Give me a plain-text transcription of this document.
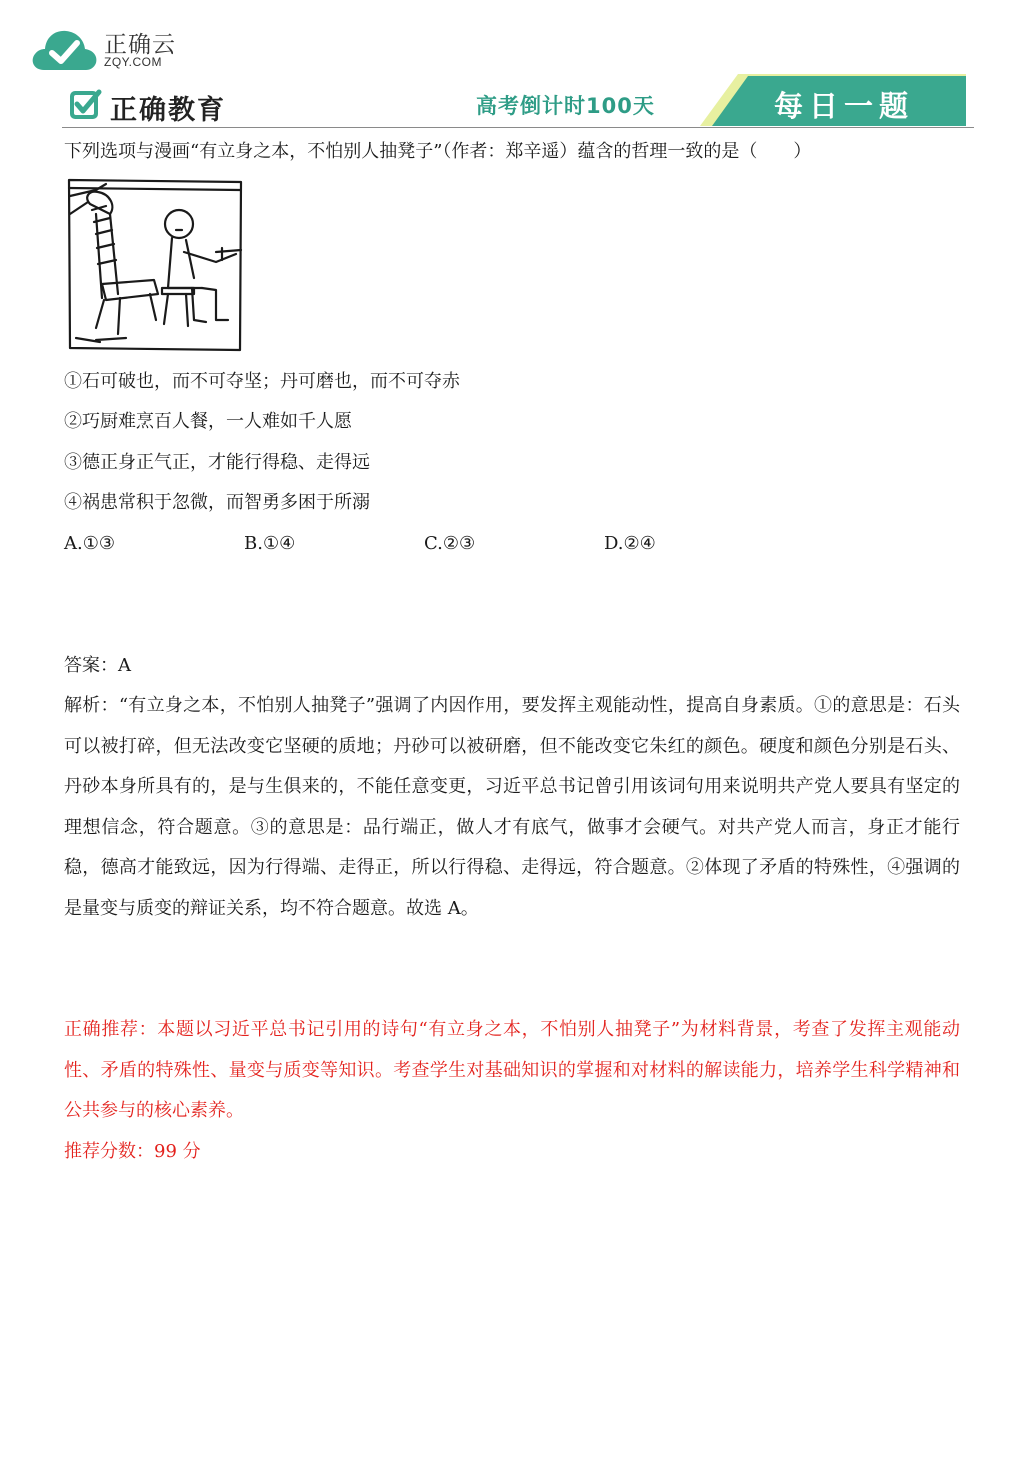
正确云
ZQY.COM
正确教育	高考倒计时100天	每日一题
下列选项与漫画“有立身之本，不怕别人抽凳子”（作者：郑辛遥）蕴含的哲理一致的是（　　）
①石可破也，而不可夺坚；丹可磨也，而不可夺赤
②巧厨难烹百人餐，一人难如千人愿
③德正身正气正，才能行得稳、走得远
④祸患常积于忽微，而智勇多困于所溺
A.①③	B.①④	C.②③	D.②④
答案：A
解析：“有立身之本，不怕别人抽凳子”强调了内因作用，要发挥主观能动性，提高自身素质。①的意思是：石头可以被打碎，但无法改变它坚硬的质地；丹砂可以被研磨，但不能改变它朱红的颜色。硬度和颜色分别是石头、丹砂本身所具有的，是与生俱来的，不能任意变更，习近平总书记曾引用该词句用来说明共产党人要具有坚定的理想信念，符合题意。③的意思是：品行端正，做人才有底气，做事才会硬气。对共产党人而言，身正才能行稳，德高才能致远，因为行得端、走得正，所以行得稳、走得远，符合题意。②体现了矛盾的特殊性，④强调的是量变与质变的辩证关系，均不符合题意。故选 A。
正确推荐：本题以习近平总书记引用的诗句“有立身之本，不怕别人抽凳子”为材料背景，考查了发挥主观能动性、矛盾的特殊性、量变与质变等知识。考查学生对基础知识的掌握和对材料的解读能力，培养学生科学精神和公共参与的核心素养。
推荐分数：99 分
